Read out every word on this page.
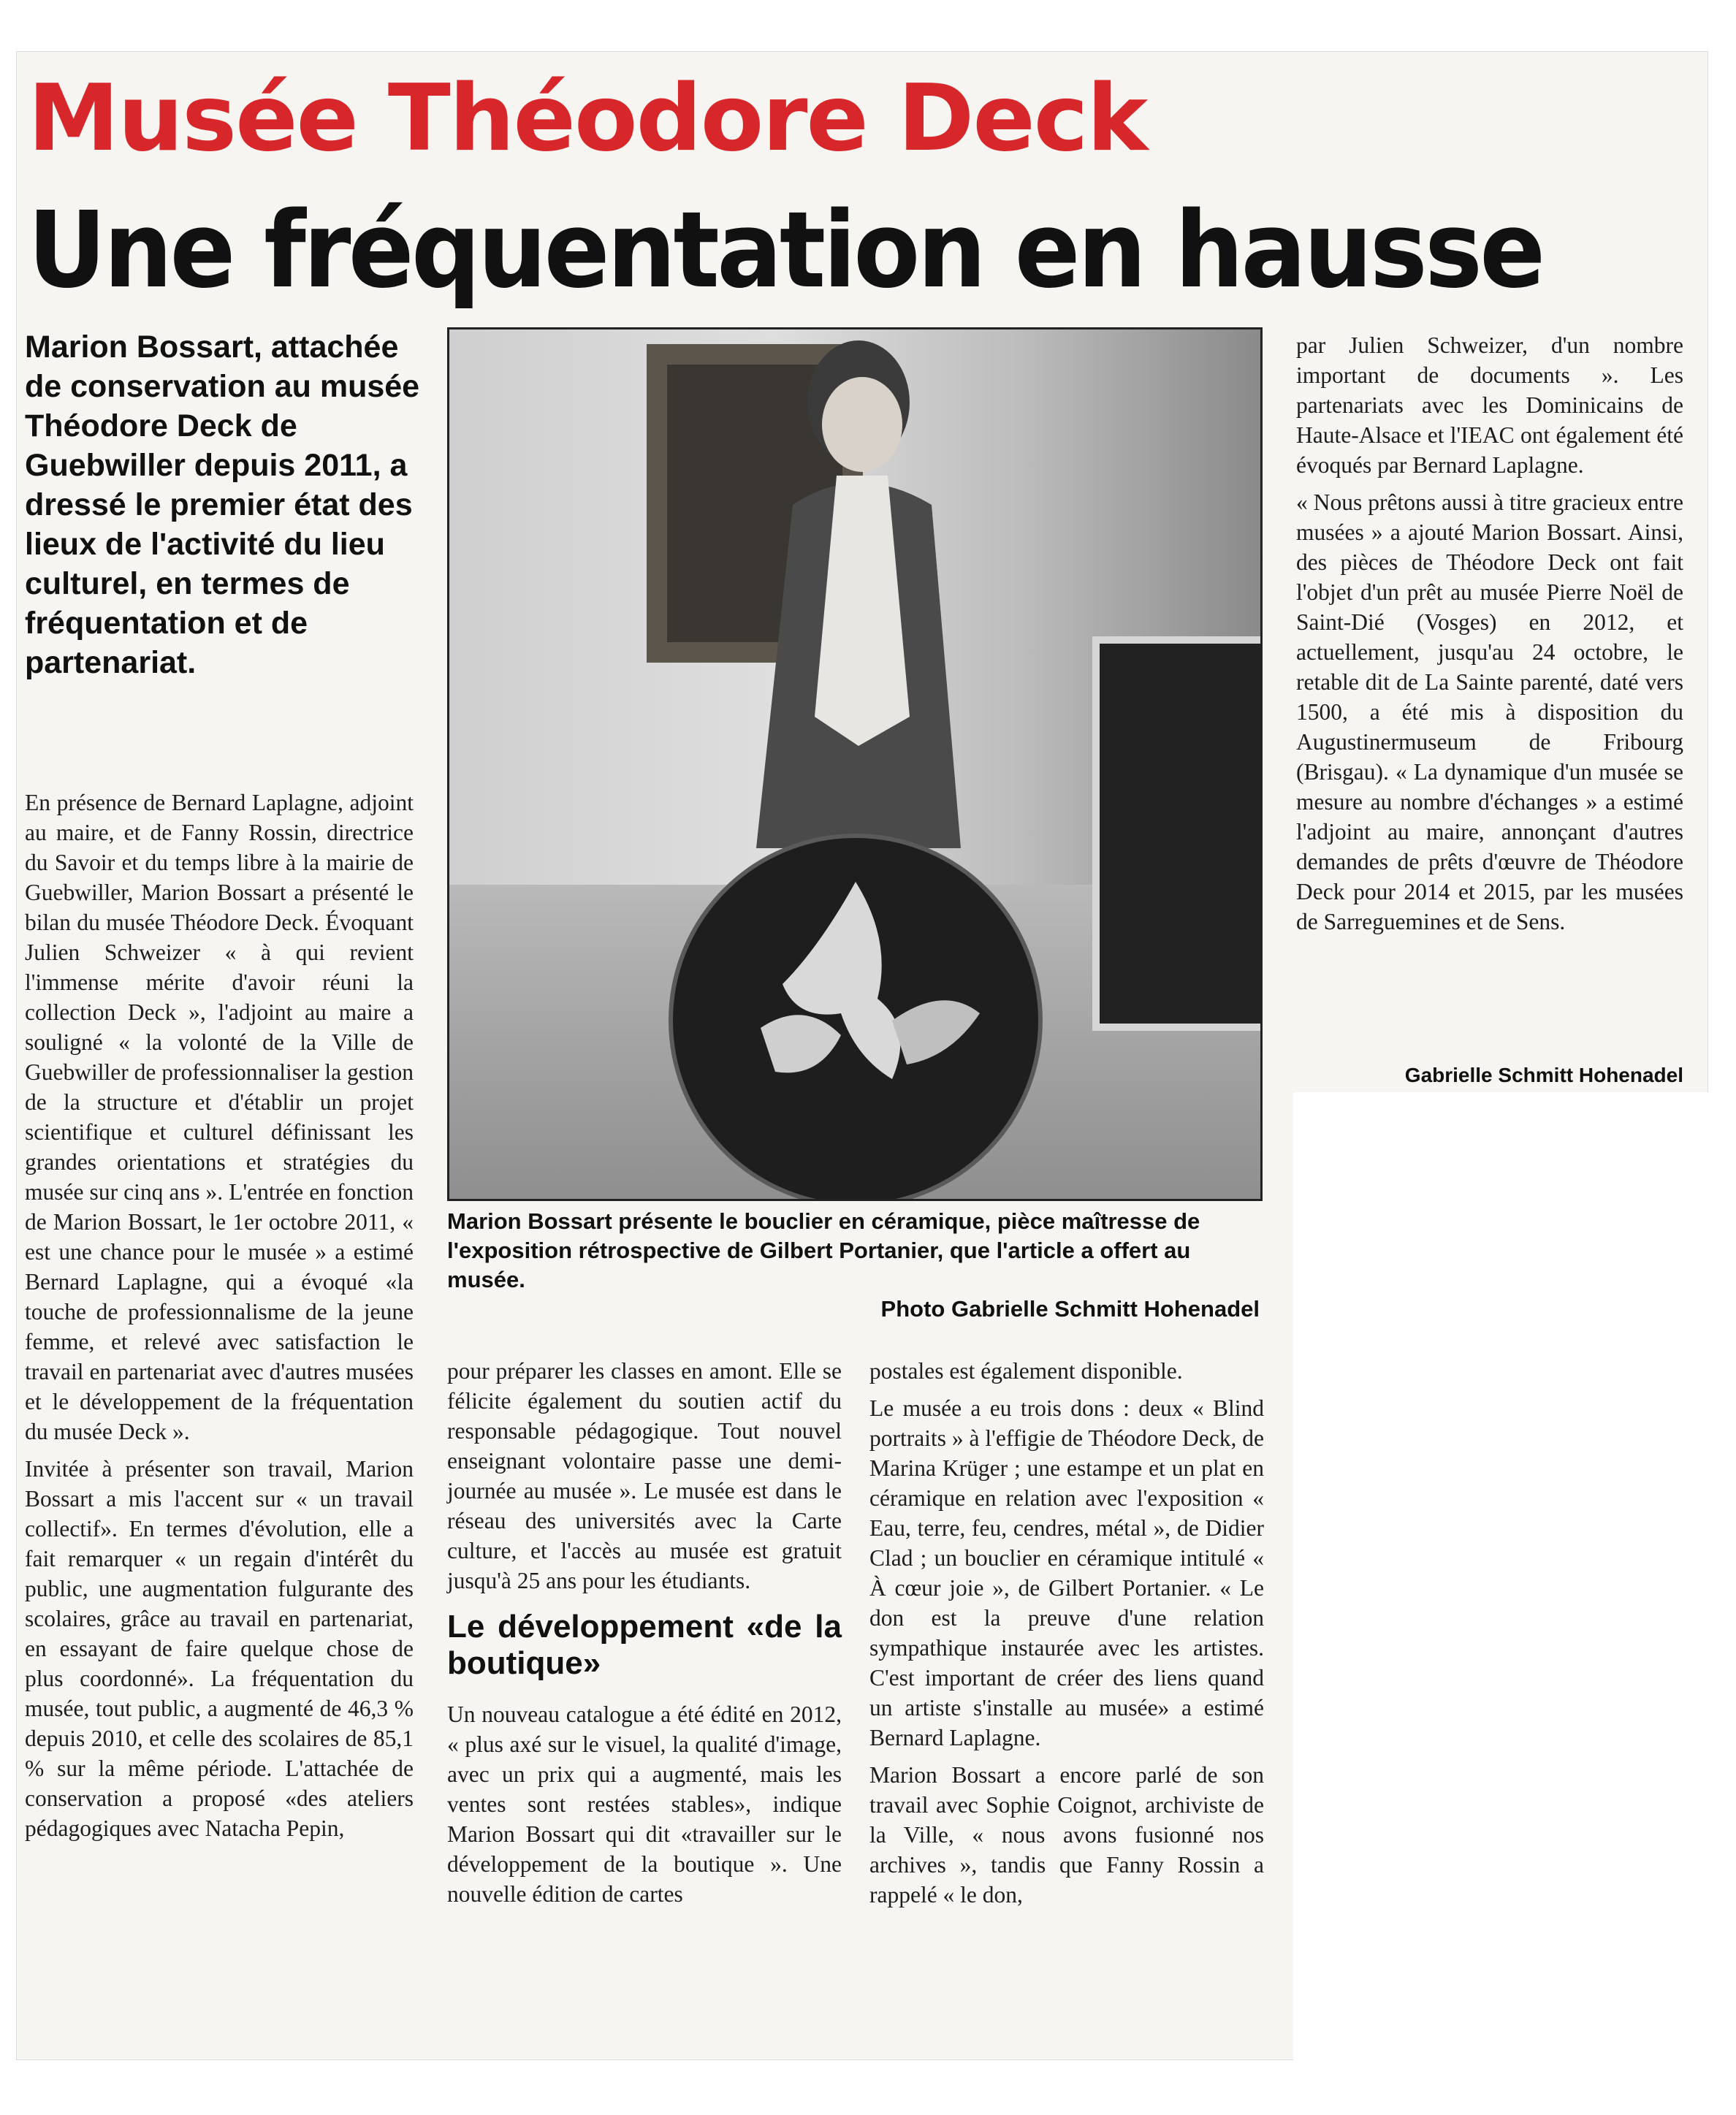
Musée Théodore Deck
Une fréquentation en hausse
Marion Bossart, attachée de conservation au musée Théodore Deck de Guebwiller depuis 2011, a dressé le premier état des lieux de l'activité du lieu culturel, en termes de fréquentation et de partenariat.

En présence de Bernard Laplagne, adjoint au maire, et de Fanny Rossin, directrice du Savoir et du temps libre à la mairie de Guebwiller, Marion Bossart a présenté le bilan du musée Théodore Deck. Évoquant Julien Schweizer « à qui revient l'immense mérite d'avoir réuni la collection Deck », l'adjoint au maire a souligné « la volonté de la Ville de Guebwiller de professionnaliser la gestion de la structure et d'établir un projet scientifique et culturel définissant les grandes orientations et stratégies du musée sur cinq ans ». L'entrée en fonction de Marion Bossart, le 1er octobre 2011, « est une chance pour le musée » a estimé Bernard Laplagne, qui a évoqué «la touche de professionnalisme de la jeune femme, et relevé avec satisfaction le travail en partenariat avec d'autres musées et le développement de la fréquentation du musée Deck ».

Invitée à présenter son travail, Marion Bossart a mis l'accent sur « un travail collectif». En termes d'évolution, elle a fait remarquer « un regain d'intérêt du public, une augmentation fulgurante des scolaires, grâce au travail en partenariat, en essayant de faire quelque chose de plus coordonné». La fréquentation du musée, tout public, a augmenté de 46,3 % depuis 2010, et celle des scolaires de 85,1 % sur la même période. L'attachée de conservation a proposé «des ateliers pédagogiques avec Natacha Pepin,

Marion Bossart présente le bouclier en céramique, pièce maîtresse de l'exposition rétrospective de Gilbert Portanier, que l'article a offert au musée.
Photo Gabrielle Schmitt Hohenadel

pour préparer les classes en amont. Elle se félicite également du soutien actif du responsable pédagogique. Tout nouvel enseignant volontaire passe une demi-journée au musée ». Le musée est dans le réseau des universités avec la Carte culture, et l'accès au musée est gratuit jusqu'à 25 ans pour les étudiants.

Le développement «de la boutique»

Un nouveau catalogue a été édité en 2012, « plus axé sur le visuel, la qualité d'image, avec un prix qui a augmenté, mais les ventes sont restées stables», indique Marion Bossart qui dit «travailler sur le développement de la boutique ». Une nouvelle édition de cartes

postales est également disponible.

Le musée a eu trois dons : deux « Blind portraits » à l'effigie de Théodore Deck, de Marina Krüger ; une estampe et un plat en céramique en relation avec l'exposition « Eau, terre, feu, cendres, métal », de Didier Clad ; un bouclier en céramique intitulé « À cœur joie », de Gilbert Portanier. « Le don est la preuve d'une relation sympathique instaurée avec les artistes. C'est important de créer des liens quand un artiste s'installe au musée» a estimé Bernard Laplagne.

Marion Bossart a encore parlé de son travail avec Sophie Coignot, archiviste de la Ville, « nous avons fusionné nos archives », tandis que Fanny Rossin a rappelé « le don,

par Julien Schweizer, d'un nombre important de documents ». Les partenariats avec les Dominicains de Haute-Alsace et l'IEAC ont également été évoqués par Bernard Laplagne.

« Nous prêtons aussi à titre gracieux entre musées » a ajouté Marion Bossart. Ainsi, des pièces de Théodore Deck ont fait l'objet d'un prêt au musée Pierre Noël de Saint-Dié (Vosges) en 2012, et actuellement, jusqu'au 24 octobre, le retable dit de La Sainte parenté, daté vers 1500, a été mis à disposition du Augustinermuseum de Fribourg (Brisgau). « La dynamique d'un musée se mesure au nombre d'échanges » a estimé l'adjoint au maire, annonçant d'autres demandes de prêts d'œuvre de Théodore Deck pour 2014 et 2015, par les musées de Sarreguemines et de Sens.

Gabrielle Schmitt Hohenadel
